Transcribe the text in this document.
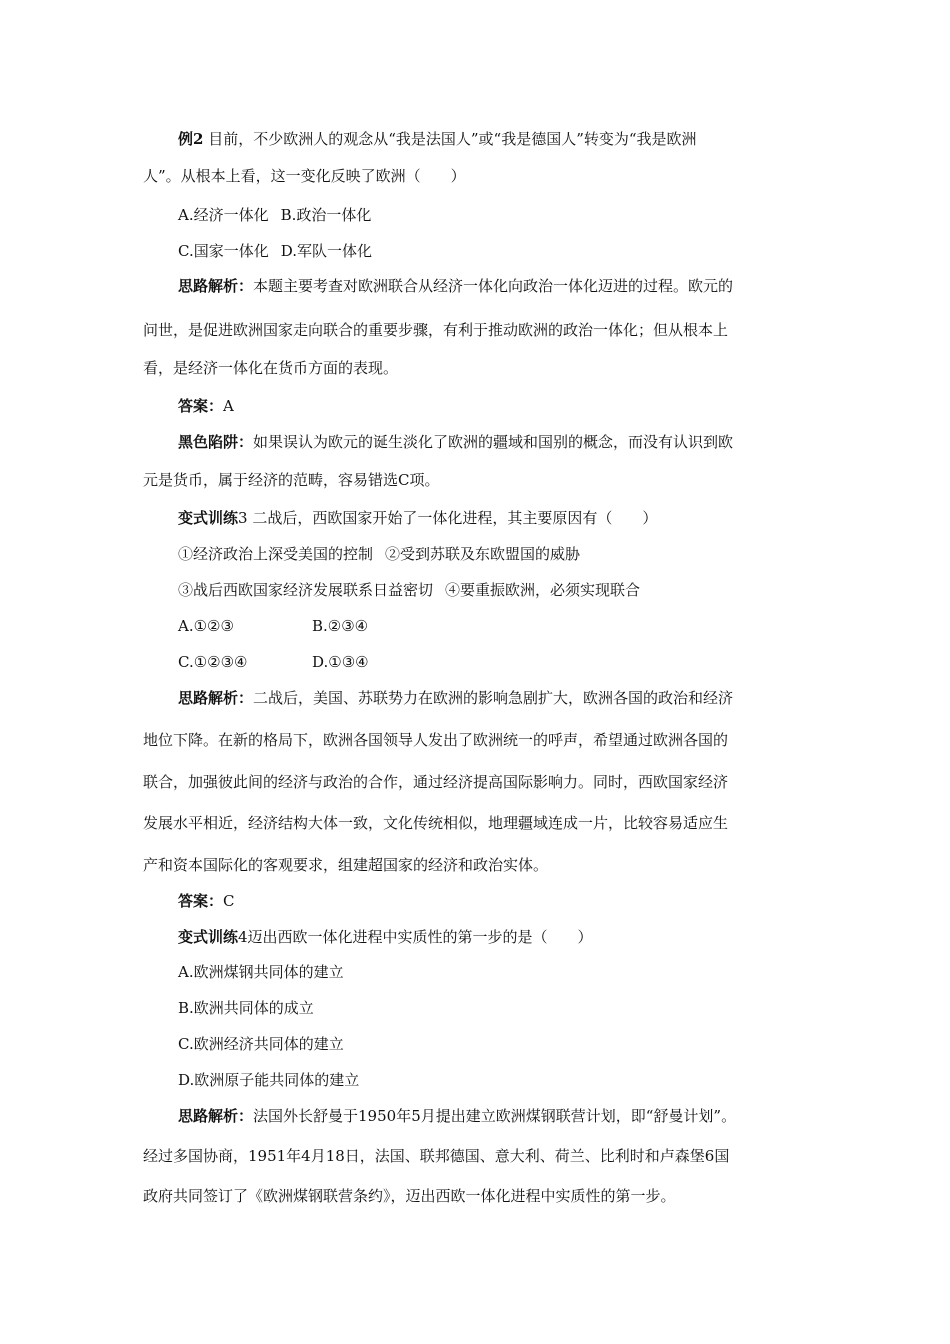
例2 目前，不少欧洲人的观念从“我是法国人”或“我是德国人”转变为“我是欧洲
人”。从根本上看，这一变化反映了欧洲（　　）
A.经济一体化 B.政治一体化
C.国家一体化 D.军队一体化
思路解析：本题主要考查对欧洲联合从经济一体化向政治一体化迈进的过程。欧元的
问世，是促进欧洲国家走向联合的重要步骤，有利于推动欧洲的政治一体化；但从根本上
看，是经济一体化在货币方面的表现。
答案：A
黑色陷阱：如果误认为欧元的诞生淡化了欧洲的疆域和国别的概念，而没有认识到欧
元是货币，属于经济的范畴，容易错选C项。
变式训练3 二战后，西欧国家开始了一体化进程，其主要原因有（　　）
①经济政治上深受美国的控制 ②受到苏联及东欧盟国的威胁
③战后西欧国家经济发展联系日益密切 ④要重振欧洲，必须实现联合
A.①②③	B.②③④
C.①②③④	D.①③④
思路解析：二战后，美国、苏联势力在欧洲的影响急剧扩大，欧洲各国的政治和经济
地位下降。在新的格局下，欧洲各国领导人发出了欧洲统一的呼声，希望通过欧洲各国的
联合，加强彼此间的经济与政治的合作，通过经济提高国际影响力。同时，西欧国家经济
发展水平相近，经济结构大体一致，文化传统相似，地理疆域连成一片，比较容易适应生
产和资本国际化的客观要求，组建超国家的经济和政治实体。
答案：C
变式训练4迈出西欧一体化进程中实质性的第一步的是（　　）
A.欧洲煤钢共同体的建立
B.欧洲共同体的成立
C.欧洲经济共同体的建立
D.欧洲原子能共同体的建立
思路解析：法国外长舒曼于1950年5月提出建立欧洲煤钢联营计划，即“舒曼计划”。
经过多国协商，1951年4月18日，法国、联邦德国、意大利、荷兰、比利时和卢森堡6国
政府共同签订了《欧洲煤钢联营条约》，迈出西欧一体化进程中实质性的第一步。
